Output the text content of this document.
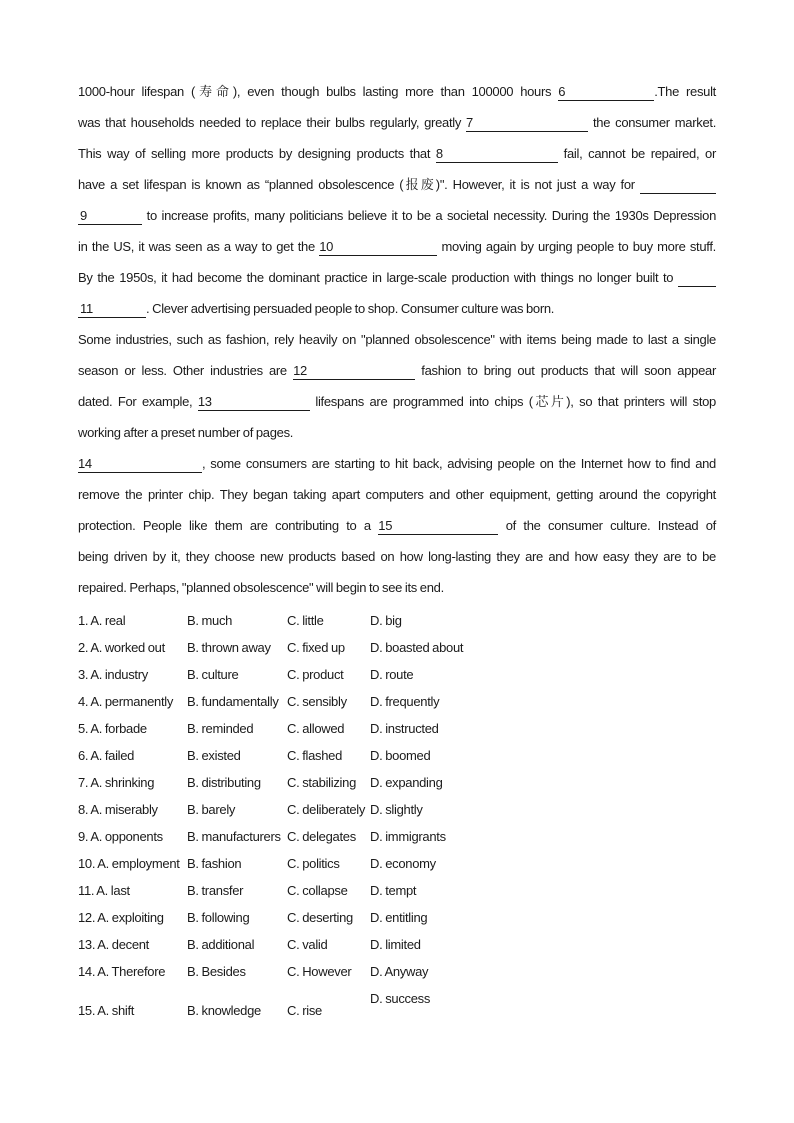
1000-hour lifespan (寿命), even though bulbs lasting more than 100000 hours 6	.The result
was that households needed to replace their bulbs regularly, greatly 7	the consumer market.
This way of selling more products by designing products that 8	fail, cannot be repaired, or
have a set lifespan is known as “planned obsolescence (报废)". However, it is not just a way for
9	to increase profits, many politicians believe it to be a societal necessity. During the 1930s Depression
in the US, it was seen as a way to get the 10	moving again by urging people to buy more stuff.
By the 1950s, it had become the dominant practice in large-scale production with things no longer built to
11	. Clever advertising persuaded people to shop. Consumer culture was born.
Some industries, such as fashion, rely heavily on "planned obsolescence" with items being made to last a single
season or less. Other industries are 12	fashion to bring out products that will soon appear
dated. For example, 13	lifespans are programmed into chips (芯片), so that printers will stop
working after a preset number of pages.
14	, some consumers are starting to hit back, advising people on the Internet how to find and
remove the printer chip. They began taking apart computers and other equipment, getting around the copyright
protection. People like them are contributing to a 15	of the consumer culture. Instead of
being driven by it, they choose new products based on how long-lasting they are and how easy they are to be
repaired. Perhaps, "planned obsolescence" will begin to see its end.
1. A. real	B. much	C. little	D. big
2. A. worked out	B. thrown away	C. fixed up	D. boasted about
3. A. industry	B. culture	C. product	D. route
4. A. permanently	B. fundamentally C. sensibly	D. frequently
5. A. forbade	B. reminded	C. allowed	D. instructed
6. A. failed	B. existed	C. flashed	D. boomed
7. A. shrinking	B. distributing	C. stabilizing	D. expanding
8. A. miserably	B. barely	C. deliberately D. slightly
9. A. opponents	B. manufacturers C. delegates	D. immigrants
10. A. employment B. fashion	C. politics	D. economy
11. A. last	B. transfer	C. collapse	D. tempt
12. A. exploiting	B. following	C. deserting	D. entitling
13. A. decent	B. additional	C. valid	D. limited
14. A. Therefore	B. Besides	C. However	D. Anyway
15. A. shift	B. knowledge	C. rise
D. success
